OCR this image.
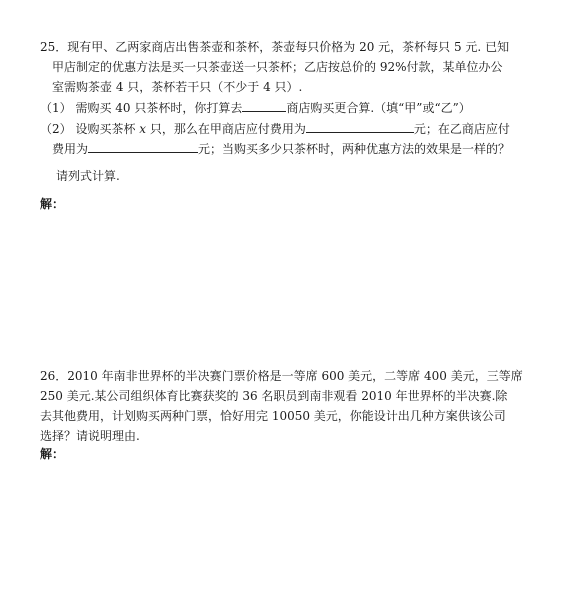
25．现有甲、乙两家商店出售茶壶和茶杯，茶壶每只价格为 20 元，茶杯每只 5 元. 已知
甲店制定的优惠方法是买一只茶壶送一只茶杯；乙店按总价的 92%付款，某单位办公
室需购茶壶 4 只，茶杯若干只（不少于 4 只）.
（1） 需购买 40 只茶杯时，你打算去	商店购买更合算.（填“甲”或“乙”）
（2） 设购买茶杯 x 只，那么在甲商店应付费用为	元；在乙商店应付
费用为	元；当购买多少只茶杯时，两种优惠方法的效果是一样的？
请列式计算.
解：
26．2010 年南非世界杯的半决赛门票价格是一等席 600 美元，二等席 400 美元，三等席
250 美元.某公司组织体育比赛获奖的 36 名职员到南非观看 2010 年世界杯的半决赛.除
去其他费用，计划购买两种门票，恰好用完 10050 美元，你能设计出几种方案供该公司
选择？请说明理由.
解：
